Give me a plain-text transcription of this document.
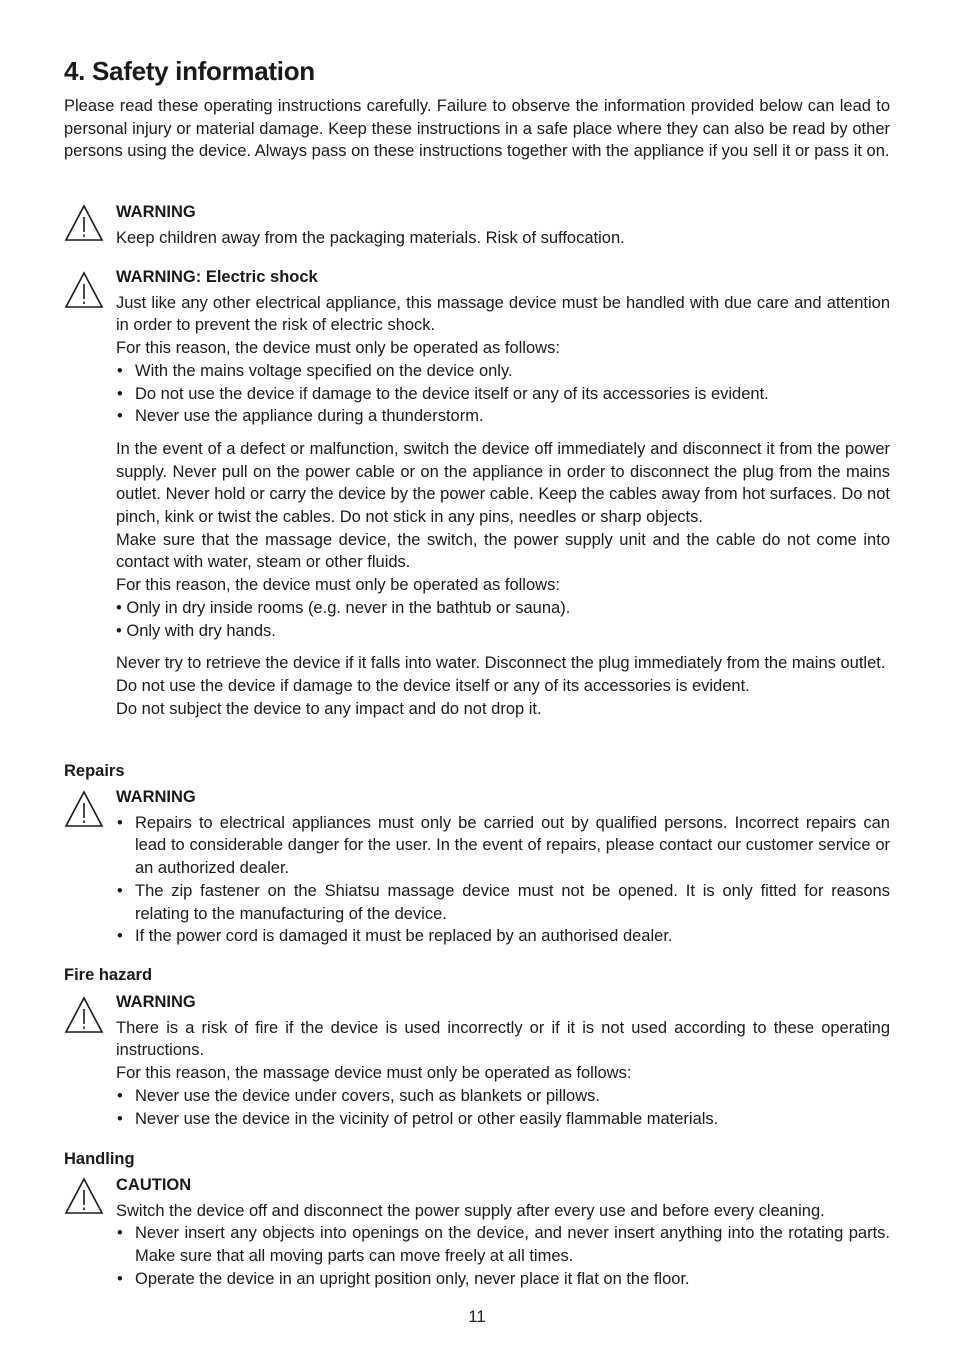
4. Safety information

Please read these operating instructions carefully. Failure to observe the information provided below can lead to personal injury or material damage. Keep these instructions in a safe place where they can also be read by other persons using the device. Always pass on these instructions together with the appliance if you sell it or pass it on.

WARNING

Keep children away from the packaging materials. Risk of suffocation.

WARNING: Electric shock

Just like any other electrical appliance, this massage device must be handled with due care and attention in order to prevent the risk of electric shock.

For this reason, the device must only be operated as follows:

• With the mains voltage specified on the device only.
• Do not use the device if damage to the device itself or any of its accessories is evident.
• Never use the appliance during a thunderstorm.

In the event of a defect or malfunction, switch the device off immediately and disconnect it from the power supply. Never pull on the power cable or on the appliance in order to disconnect the plug from the mains outlet. Never hold or carry the device by the power cable. Keep the cables away from hot surfaces. Do not pinch, kink or twist the cables. Do not stick in any pins, needles or sharp objects.

Make sure that the massage device, the switch, the power supply unit and the cable do not come into contact with water, steam or other fluids.

For this reason, the device must only be operated as follows:

• Only in dry inside rooms (e.g. never in the bathtub or sauna).
• Only with dry hands.

Never try to retrieve the device if it falls into water. Disconnect the plug immediately from the mains outlet.

Do not use the device if damage to the device itself or any of its accessories is evident.

Do not subject the device to any impact and do not drop it.

Repairs
WARNING
• Repairs to electrical appliances must only be carried out by qualified persons. Incorrect repairs can lead to considerable danger for the user. In the event of repairs, please contact our customer service or an authorized dealer.
• The zip fastener on the Shiatsu massage device must not be opened. It is only fitted for reasons relating to the manufacturing of the device.
• If the power cord is damaged it must be replaced by an authorised dealer.
Fire hazard
WARNING

There is a risk of fire if the device is used incorrectly or if it is not used according to these operating instructions.

For this reason, the massage device must only be operated as follows:

• Never use the device under covers, such as blankets or pillows.
• Never use the device in the vicinity of petrol or other easily flammable materials.
Handling
CAUTION

Switch the device off and disconnect the power supply after every use and before every cleaning.

• Never insert any objects into openings on the device, and never insert anything into the rotating parts. Make sure that all moving parts can move freely at all times.
• Operate the device in an upright position only, never place it flat on the floor.
11
